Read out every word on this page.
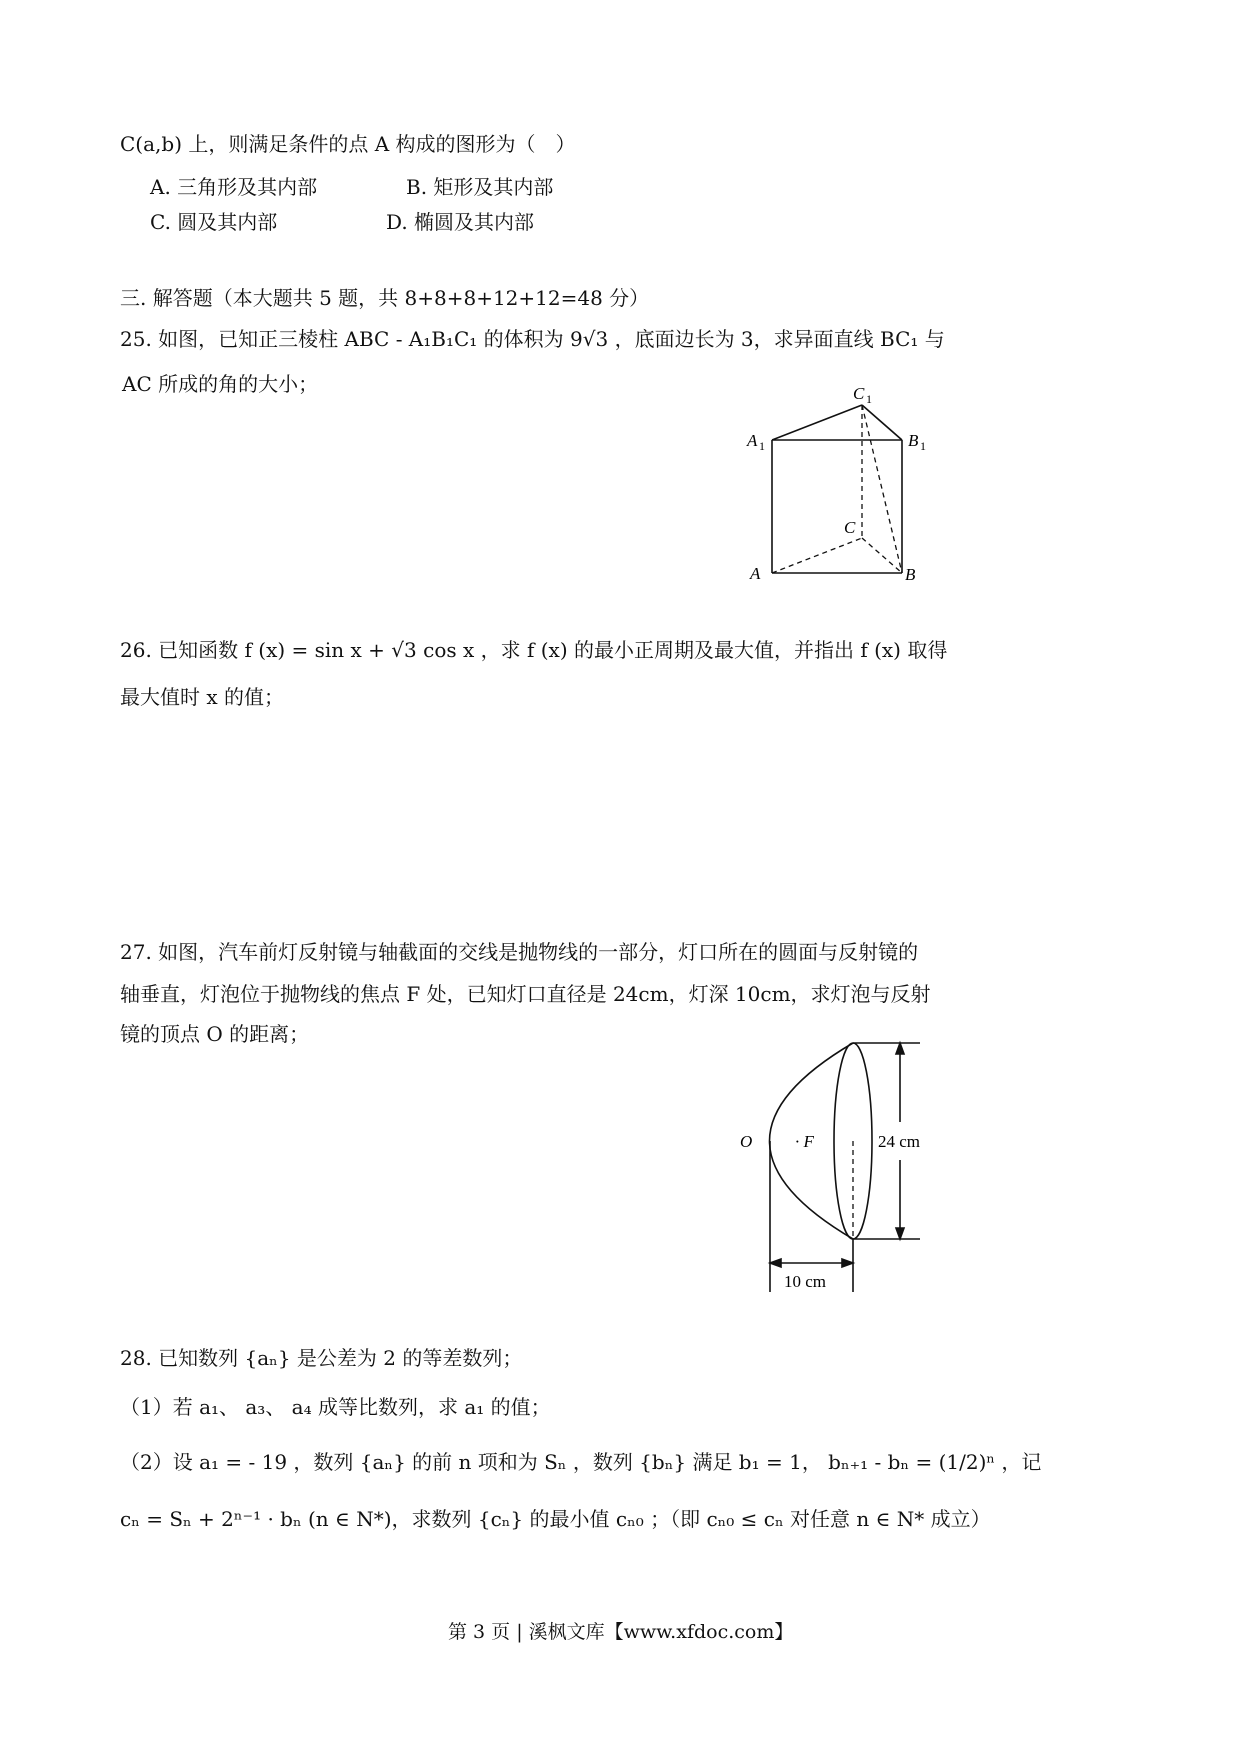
C(a,b) 上，则满足条件的点 A 构成的图形为（　）
A. 三角形及其内部	B. 矩形及其内部
C. 圆及其内部	D. 椭圆及其内部
三. 解答题（本大题共 5 题，共 8+8+8+12+12=48 分）
25. 如图，已知正三棱柱 ABC - A₁B₁C₁ 的体积为 9√3 ，底面边长为 3，求异面直线 BC₁ 与
AC 所成的角的大小；	C 1
A 1	B 1
C
A	B
26. 已知函数 f (x) = sin x + √3 cos x ，求 f (x) 的最小正周期及最大值，并指出 f (x) 取得
最大值时 x 的值；
27. 如图，汽车前灯反射镜与轴截面的交线是抛物线的一部分，灯口所在的圆面与反射镜的
轴垂直，灯泡位于抛物线的焦点 F 处，已知灯口直径是 24cm，灯深 10cm，求灯泡与反射
镜的顶点 O 的距离；
O	· F	24 cm
10 cm
28. 已知数列 {aₙ} 是公差为 2 的等差数列；
（1）若 a₁、 a₃、 a₄ 成等比数列，求 a₁ 的值；
（2）设 a₁ = - 19 ，数列 {aₙ} 的前 n 项和为 Sₙ ，数列 {bₙ} 满足 b₁ = 1， bₙ₊₁ - bₙ = (1/2)ⁿ ，记
cₙ = Sₙ + 2ⁿ⁻¹ · bₙ (n ∈ N*)，求数列 {cₙ} 的最小值 cₙ₀ ；（即 cₙ₀ ≤ cₙ 对任意 n ∈ N* 成立）
第 3 页 | 溪枫文库【www.xfdoc.com】
